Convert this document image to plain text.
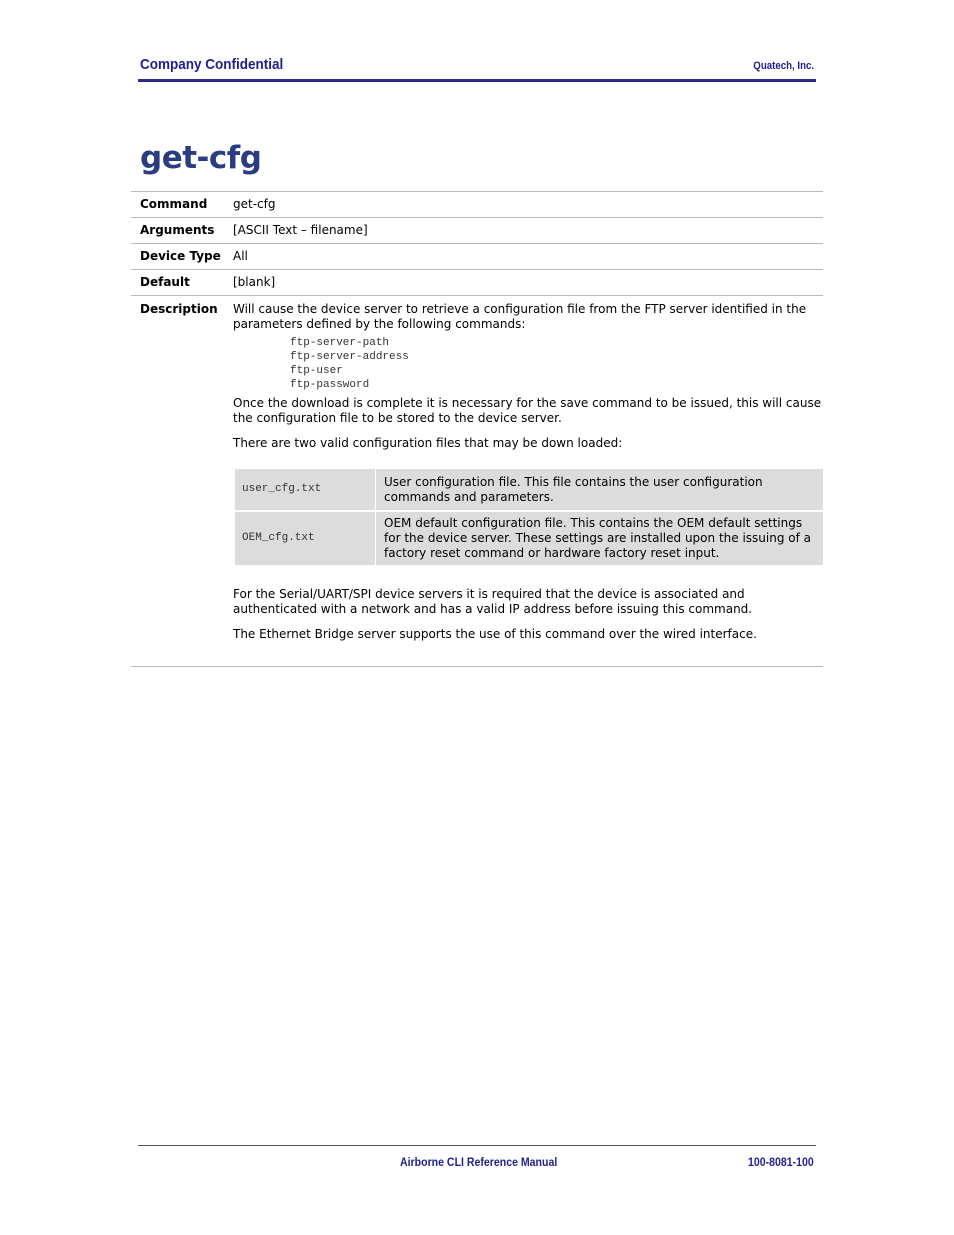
Company Confidential	Quatech, Inc.
get-cfg
Command	get-cfg
Arguments	[ASCII Text – filename]
Device Type	All
Default	[blank]
Description	Will cause the device server to retrieve a configuration file from the FTP server identified in the parameters defined by the following commands:

ftp-server-path
ftp-server-address
ftp-user
ftp-password

Once the download is complete it is necessary for the save command to be issued, this will cause the configuration file to be stored to the device server.

There are two valid configuration files that may be down loaded:

user_cfg.txt	User configuration file. This file contains the user configuration commands and parameters.
OEM_cfg.txt	OEM default configuration file. This contains the OEM default settings for the device server. These settings are installed upon the issuing of a factory reset command or hardware factory reset input.

For the Serial/UART/SPI device servers it is required that the device is associated and authenticated with a network and has a valid IP address before issuing this command.

The Ethernet Bridge server supports the use of this command over the wired interface.

Airborne CLI Reference Manual	100-8081-100
